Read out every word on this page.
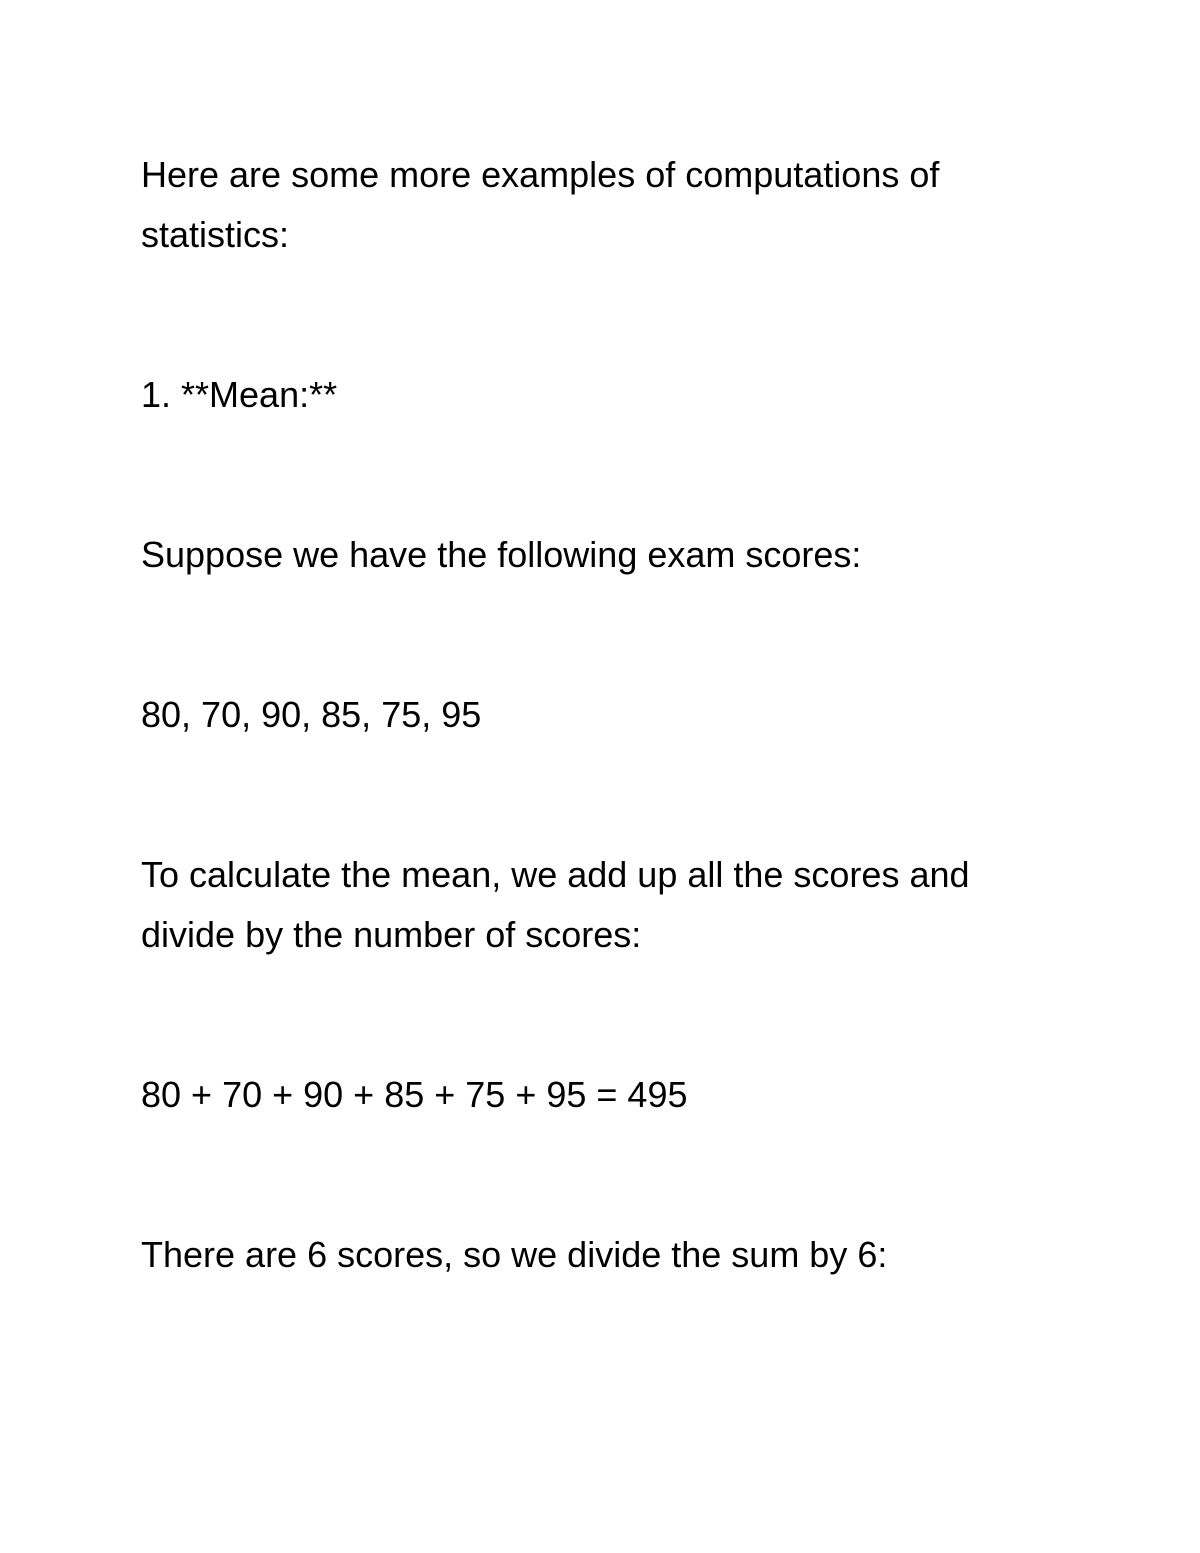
Here are some more examples of computations of statistics:

1. **Mean:**

Suppose we have the following exam scores:

80, 70, 90, 85, 75, 95

To calculate the mean, we add up all the scores and divide by the number of scores:

80 + 70 + 90 + 85 + 75 + 95 = 495

There are 6 scores, so we divide the sum by 6:
